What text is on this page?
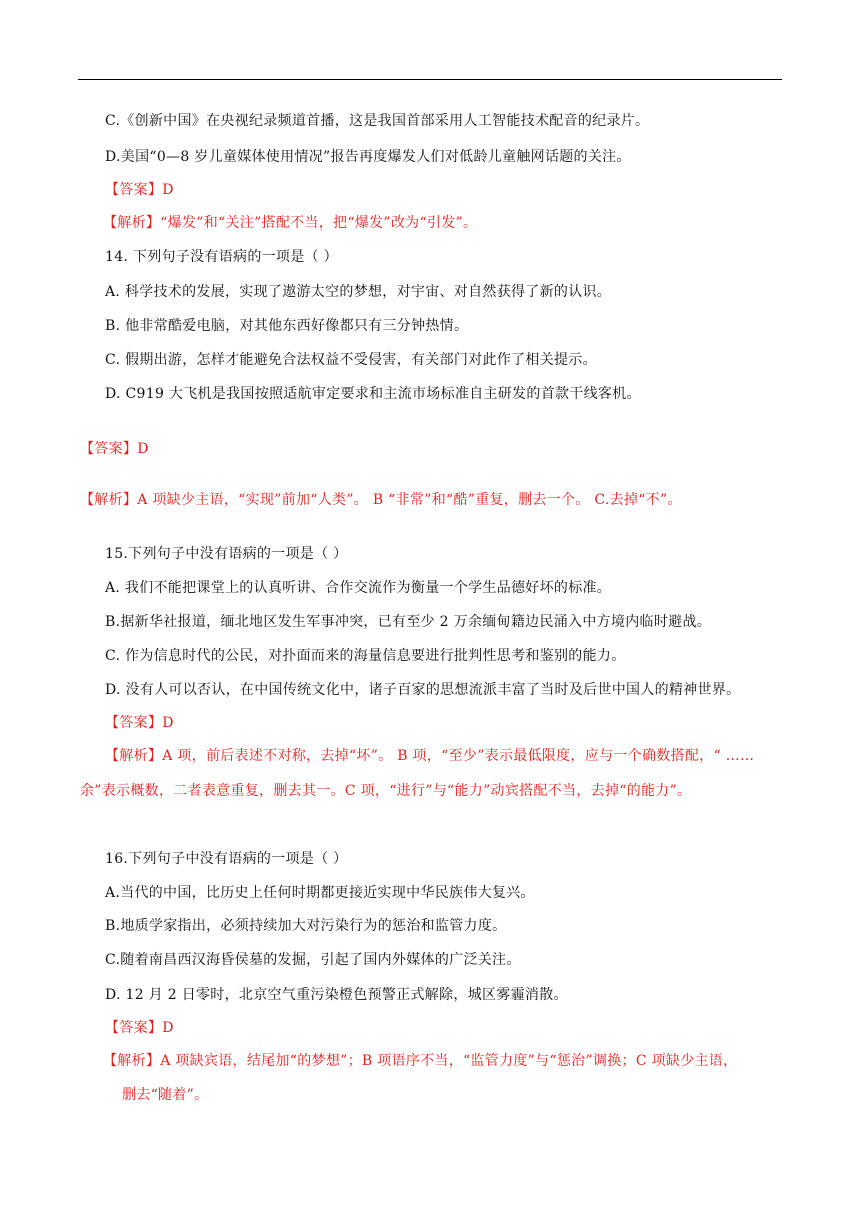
C.《创新中国》在央视纪录频道首播，这是我国首部采用人工智能技术配音的纪录片。
D.美国“0—8 岁儿童媒体使用情况”报告再度爆发人们对低龄儿童触网话题的关注。
【答案】D
【解析】“爆发”和“关注”搭配不当，把“爆发”改为“引发”。
14. 下列句子没有语病的一项是（ ）
A. 科学技术的发展，实现了遨游太空的梦想，对宇宙、对自然获得了新的认识。
B. 他非常酷爱电脑，对其他东西好像都只有三分钟热情。
C. 假期出游，怎样才能避免合法权益不受侵害，有关部门对此作了相关提示。
D. C919 大飞机是我国按照适航审定要求和主流市场标准自主研发的首款干线客机。
【答案】D
【解析】A 项缺少主语，“实现”前加“人类”。 B “非常”和“酷”重复，删去一个。 C.去掉“不”。
15.下列句子中没有语病的一项是（ ）
A. 我们不能把课堂上的认真听讲、合作交流作为衡量一个学生品德好坏的标准。
B.据新华社报道，缅北地区发生军事冲突，已有至少 2 万余缅甸籍边民涌入中方境内临时避战。
C. 作为信息时代的公民，对扑面而来的海量信息要进行批判性思考和鉴别的能力。
D. 没有人可以否认，在中国传统文化中，诸子百家的思想流派丰富了当时及后世中国人的精神世界。
【答案】D
【解析】A 项，前后表述不对称，去掉“坏”。 B 项，“至少”表示最低限度，应与一个确数搭配，“ ……
余”表示概数，二者表意重复，删去其一。C 项，“进行”与“能力”动宾搭配不当，去掉“的能力”。
16.下列句子中没有语病的一项是（ ）
A.当代的中国，比历史上任何时期都更接近实现中华民族伟大复兴。
B.地质学家指出，必须持续加大对污染行为的惩治和监管力度。
C.随着南昌西汉海昏侯墓的发掘，引起了国内外媒体的广泛关注。
D. 12 月 2 日零时，北京空气重污染橙色预警正式解除，城区雾霾消散。
【答案】D
【解析】A 项缺宾语，结尾加“的梦想”；B 项语序不当，“监管力度”与“惩治”调换；C 项缺少主语，
删去“随着”。
